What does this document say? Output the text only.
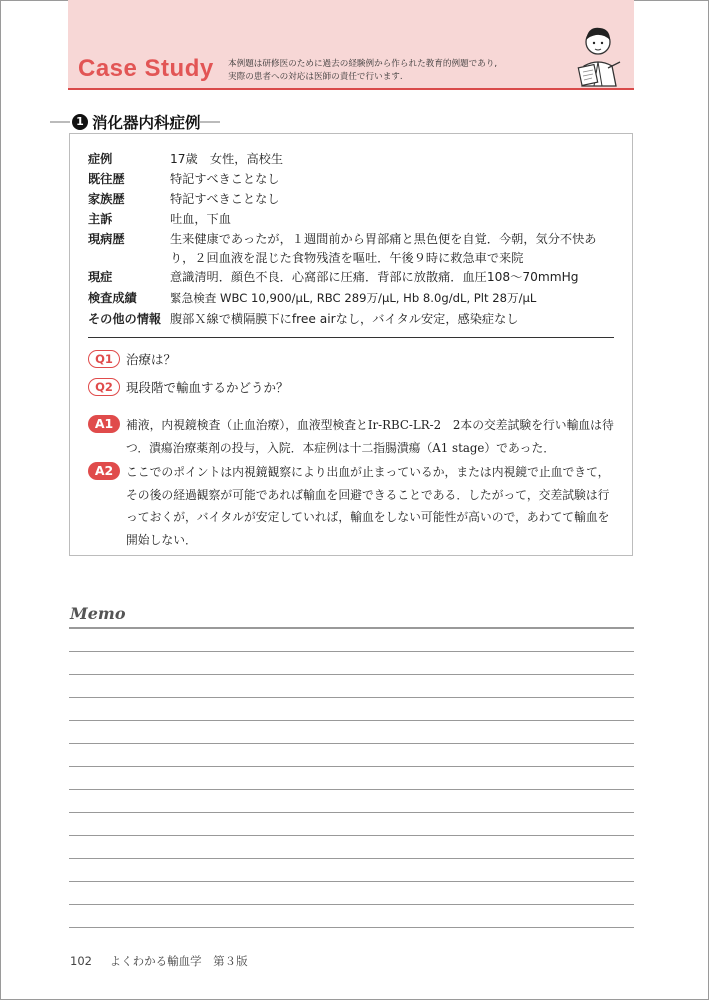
Case Study 本例題は研修医のために過去の経験例から作られた教育的例題であり,
実際の患者への対応は医師の責任で行います.
1 消化器内科症例
症例	17歳　女性，高校生
既往歴	特記すべきことなし
家族歴	特記すべきことなし
主訴	吐血，下血
現病歴	生来健康であったが，１週間前から胃部痛と黒色便を自覚．今朝，気分不快あり，２回血液を混じた食物残渣を嘔吐．午後９時に救急車で来院
現症	意識清明．顔色不良．心窩部に圧痛．背部に放散痛．血圧108～70mmHg
検査成績	緊急検査 WBC 10,900/μL, RBC 289万/μL, Hb 8.0g/dL, Plt 28万/μL
その他の情報 腹部Ｘ線で横隔膜下にfree airなし，バイタル安定，感染症なし
Q1	治療は？
Q2	現段階で輸血するかどうか？
A1	補液，内視鏡検査（止血治療），血液型検査とIr-RBC-LR-2　2本の交差試験を行い輸血は待つ．潰瘍治療薬剤の投与，入院．本症例は十二指腸潰瘍（A1 stage）であった．
A2	ここでのポイントは内視鏡観察により出血が止まっているか，または内視鏡で止血できて，その後の経過観察が可能であれば輸血を回避できることである．したがって，交差試験は行っておくが，バイタルが安定していれば，輸血をしない可能性が高いので，あわてて輸血を開始しない．
Memo
102 よくわかる輸血学　第３版
